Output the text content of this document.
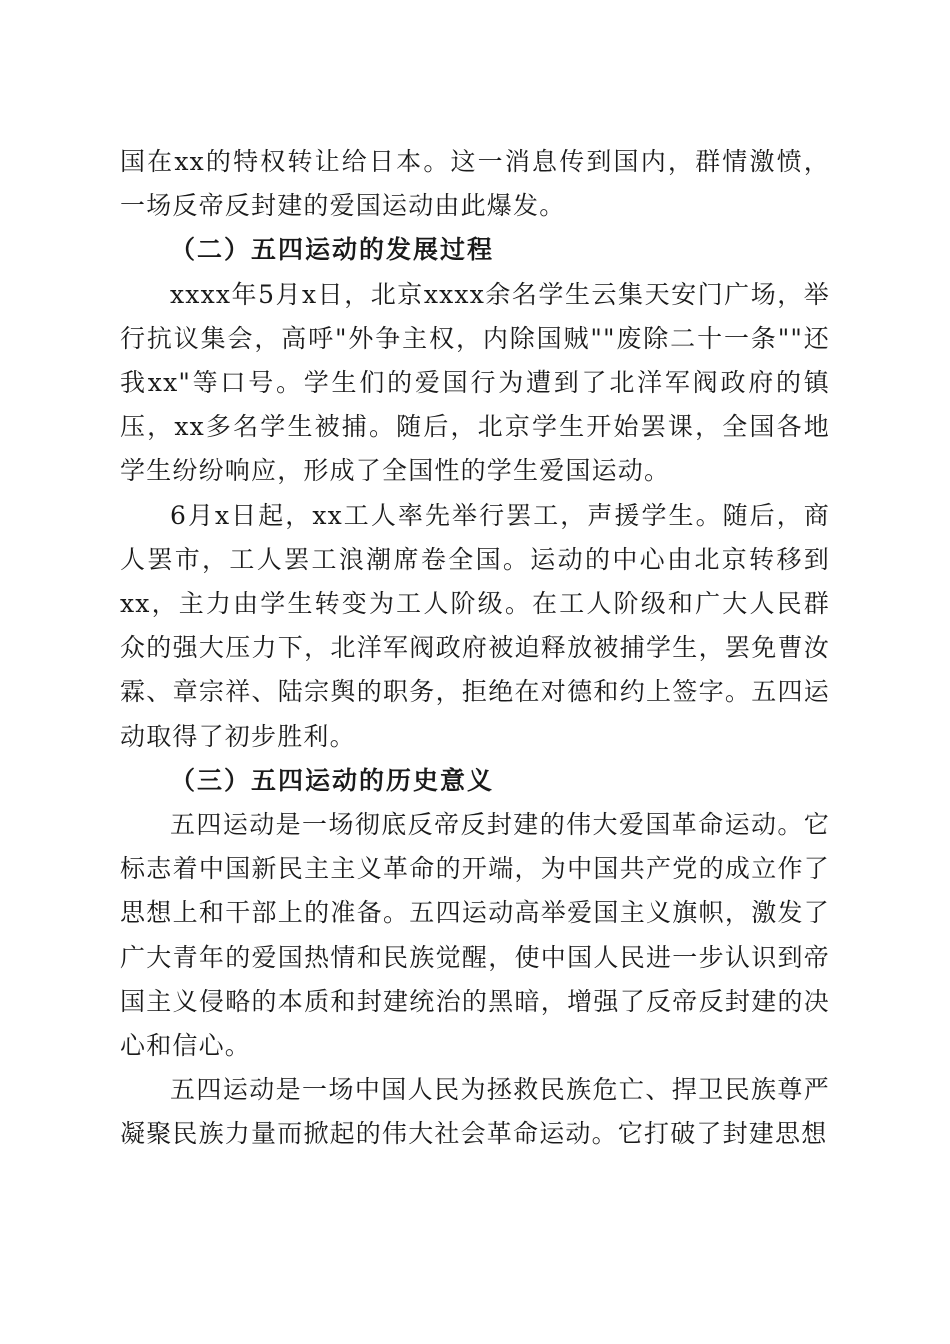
国在xx的特权转让给日本。这一消息传到国内，群情激愤，一场反帝反封建的爱国运动由此爆发。

（二）五四运动的发展过程

xxxx年5月x日，北京xxxx余名学生云集天安门广场，举行抗议集会，高呼"外争主权，内除国贼""废除二十一条""还我xx"等口号。学生们的爱国行为遭到了北洋军阀政府的镇压，xx多名学生被捕。随后，北京学生开始罢课，全国各地学生纷纷响应，形成了全国性的学生爱国运动。

6月x日起，xx工人率先举行罢工，声援学生。随后，商人罢市，工人罢工浪潮席卷全国。运动的中心由北京转移到xx，主力由学生转变为工人阶级。在工人阶级和广大人民群众的强大压力下，北洋军阀政府被迫释放被捕学生，罢免曹汝霖、章宗祥、陆宗舆的职务，拒绝在对德和约上签字。五四运动取得了初步胜利。

（三）五四运动的历史意义

五四运动是一场彻底反帝反封建的伟大爱国革命运动。它标志着中国新民主主义革命的开端，为中国共产党的成立作了思想上和干部上的准备。五四运动高举爱国主义旗帜，激发了广大青年的爱国热情和民族觉醒，使中国人民进一步认识到帝国主义侵略的本质和封建统治的黑暗，增强了反帝反封建的决心和信心。

五四运动是一场中国人民为拯救民族危亡、捍卫民族尊严凝聚民族力量而掀起的伟大社会革命运动。它打破了封建思想
